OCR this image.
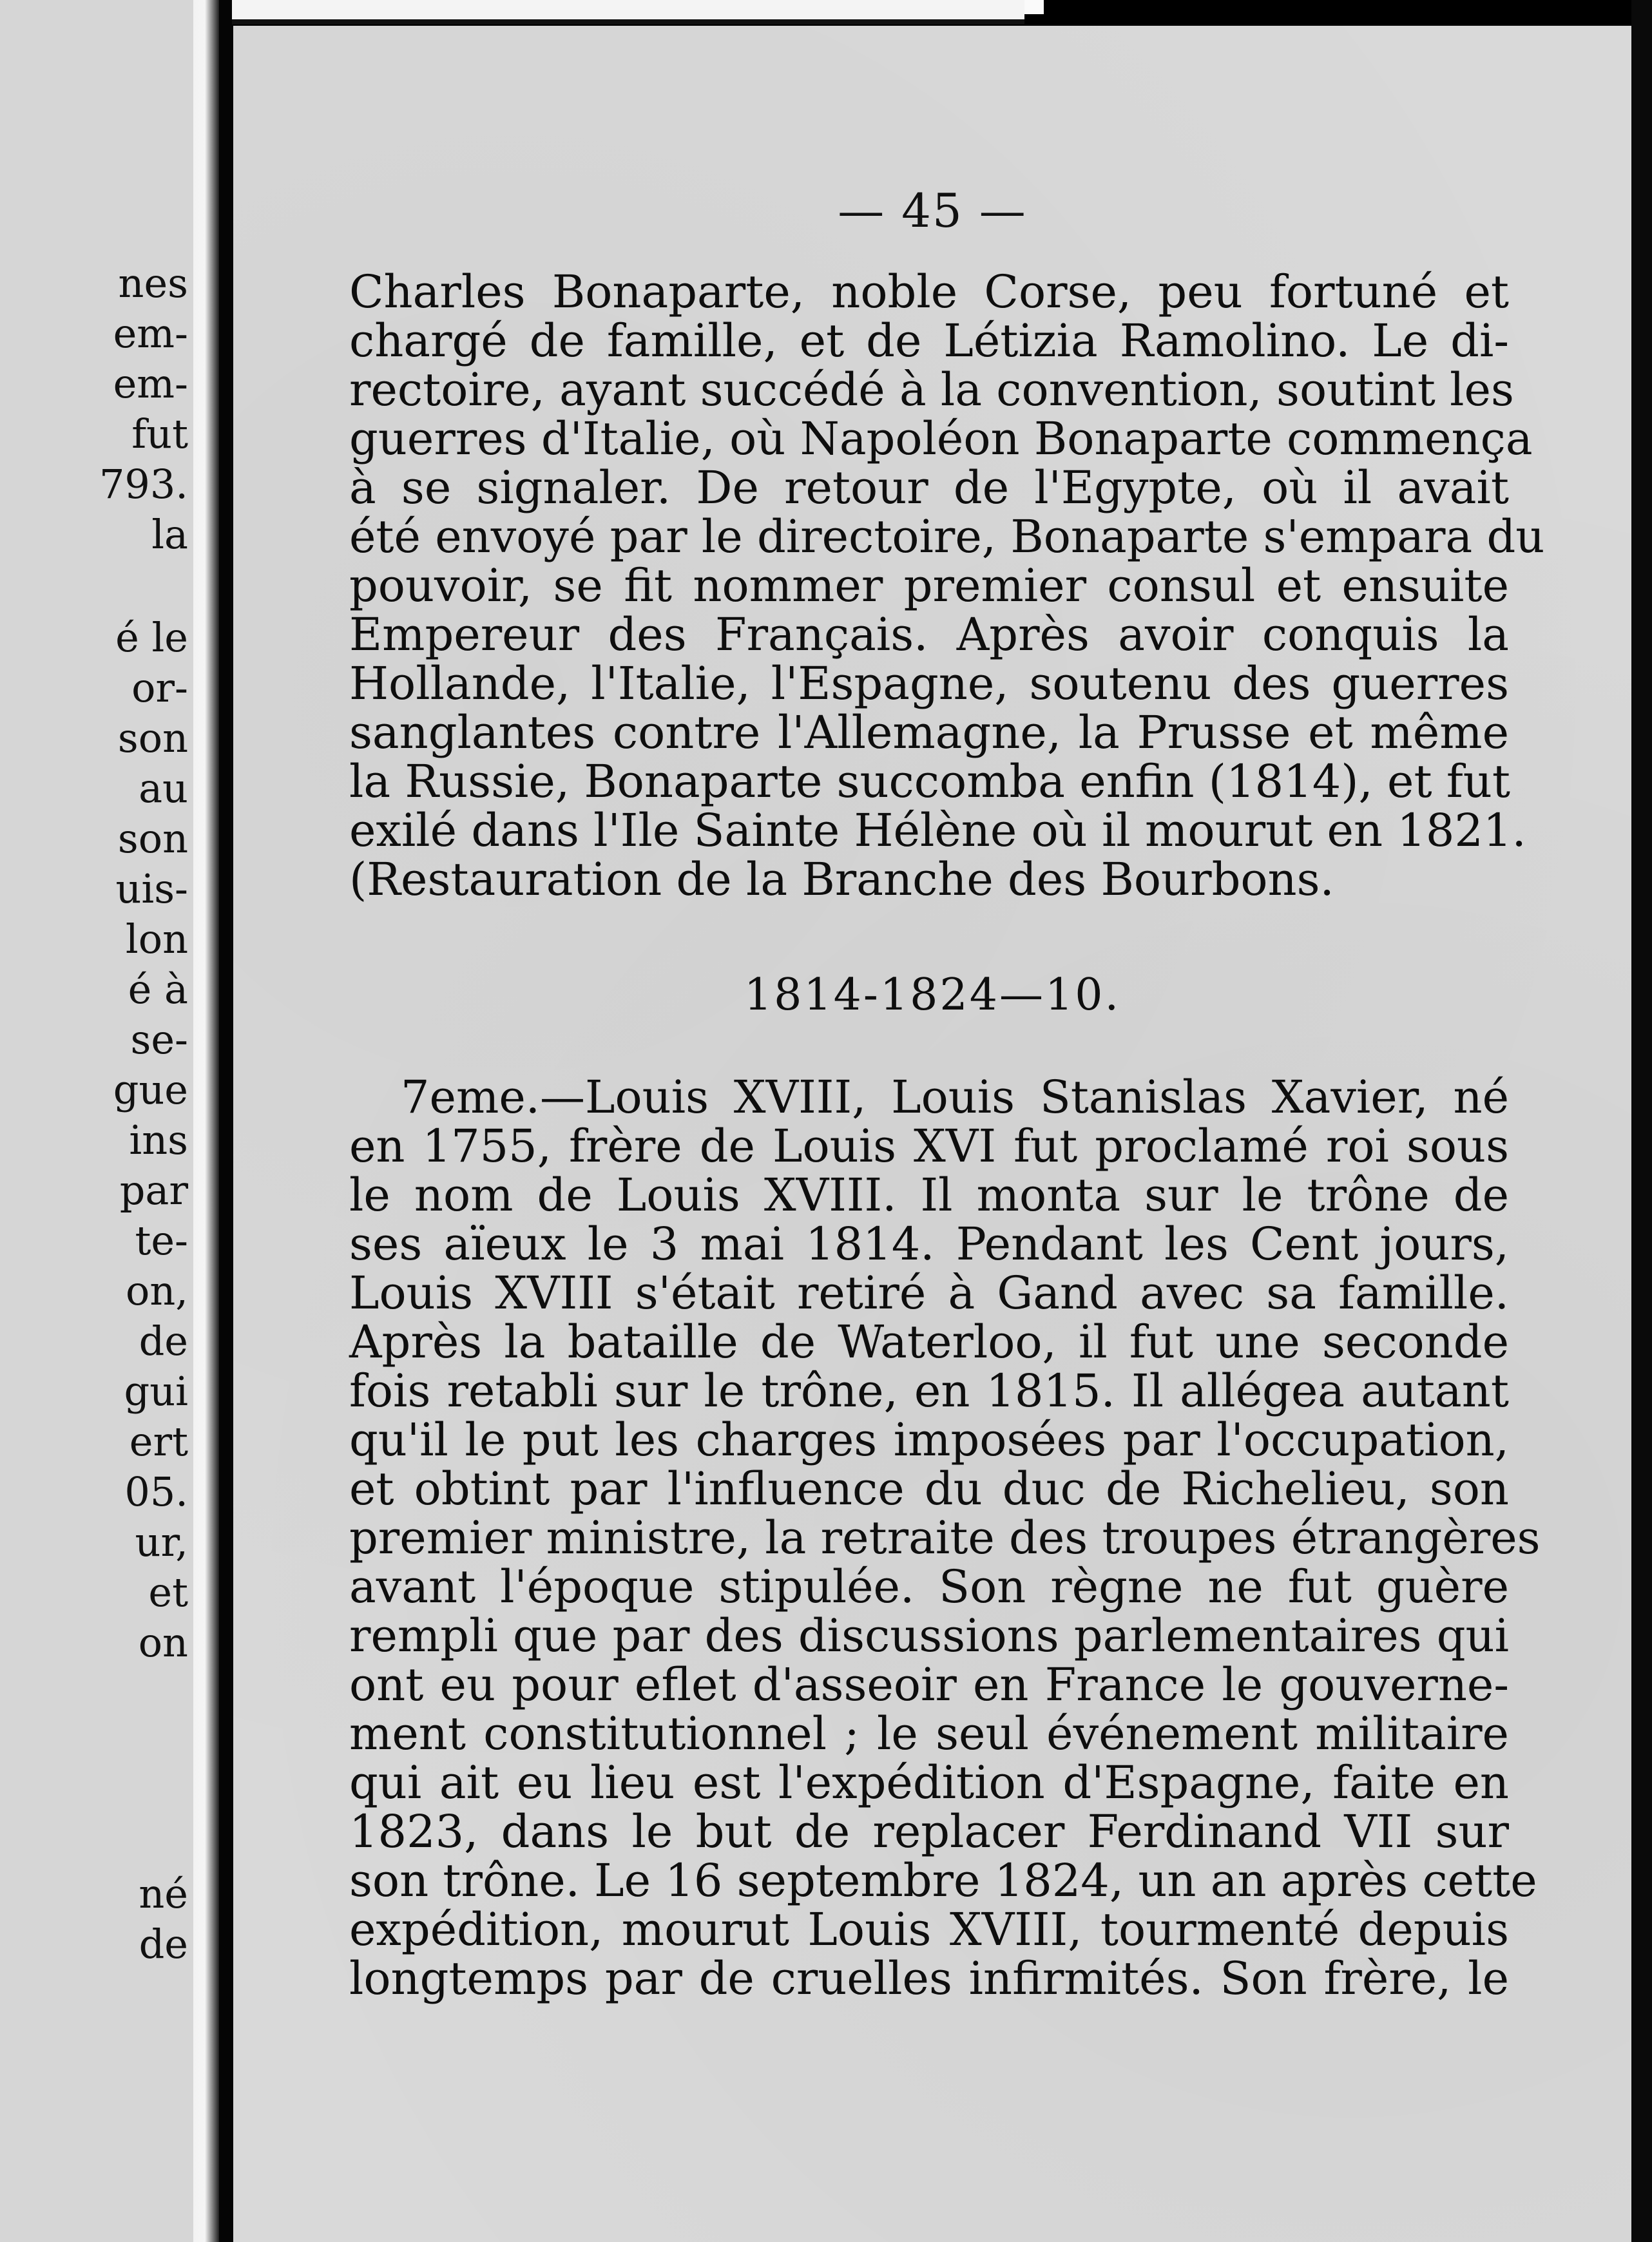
nes
em-
em-
fut
793.
la
é le
or-
son
au
son
uis-
lon
é à
se-
gue
ins
par
te-
on,
de
gui
ert
05.
ur,
et
on
né
de
— 45 —
Charles Bonaparte, noble Corse, peu fortuné et
chargé de famille, et de Létizia Ramolino. Le di-
rectoire, ayant succédé à la convention, soutint les
guerres d'Italie, où Napoléon Bonaparte commença
à se signaler. De retour de l'Egypte, où il avait
été envoyé par le directoire, Bonaparte s'empara du
pouvoir, se fit nommer premier consul et ensuite
Empereur des Français. Après avoir conquis la
Hollande, l'Italie, l'Espagne, soutenu des guerres
sanglantes contre l'Allemagne, la Prusse et même
la Russie, Bonaparte succomba enfin (1814), et fut
exilé dans l'Ile Sainte Hélène où il mourut en 1821.
(Restauration de la Branche des Bourbons.
1814-1824—10.
7eme.—Louis XVIII, Louis Stanislas Xavier, né
en 1755, frère de Louis XVI fut proclamé roi sous
le nom de Louis XVIII. Il monta sur le trône de
ses aïeux le 3 mai 1814. Pendant les Cent jours,
Louis XVIII s'était retiré à Gand avec sa famille.
Après la bataille de Waterloo, il fut une seconde
fois retabli sur le trône, en 1815. Il allégea autant
qu'il le put les charges imposées par l'occupation,
et obtint par l'influence du duc de Richelieu, son
premier ministre, la retraite des troupes étrangères
avant l'époque stipulée. Son règne ne fut guère
rempli que par des discussions parlementaires qui
ont eu pour eflet d'asseoir en France le gouverne-
ment constitutionnel ; le seul événement militaire
qui ait eu lieu est l'expédition d'Espagne, faite en
1823, dans le but de replacer Ferdinand VII sur
son trône. Le 16 septembre 1824, un an après cette
expédition, mourut Louis XVIII, tourmenté depuis
longtemps par de cruelles infirmités. Son frère, le
